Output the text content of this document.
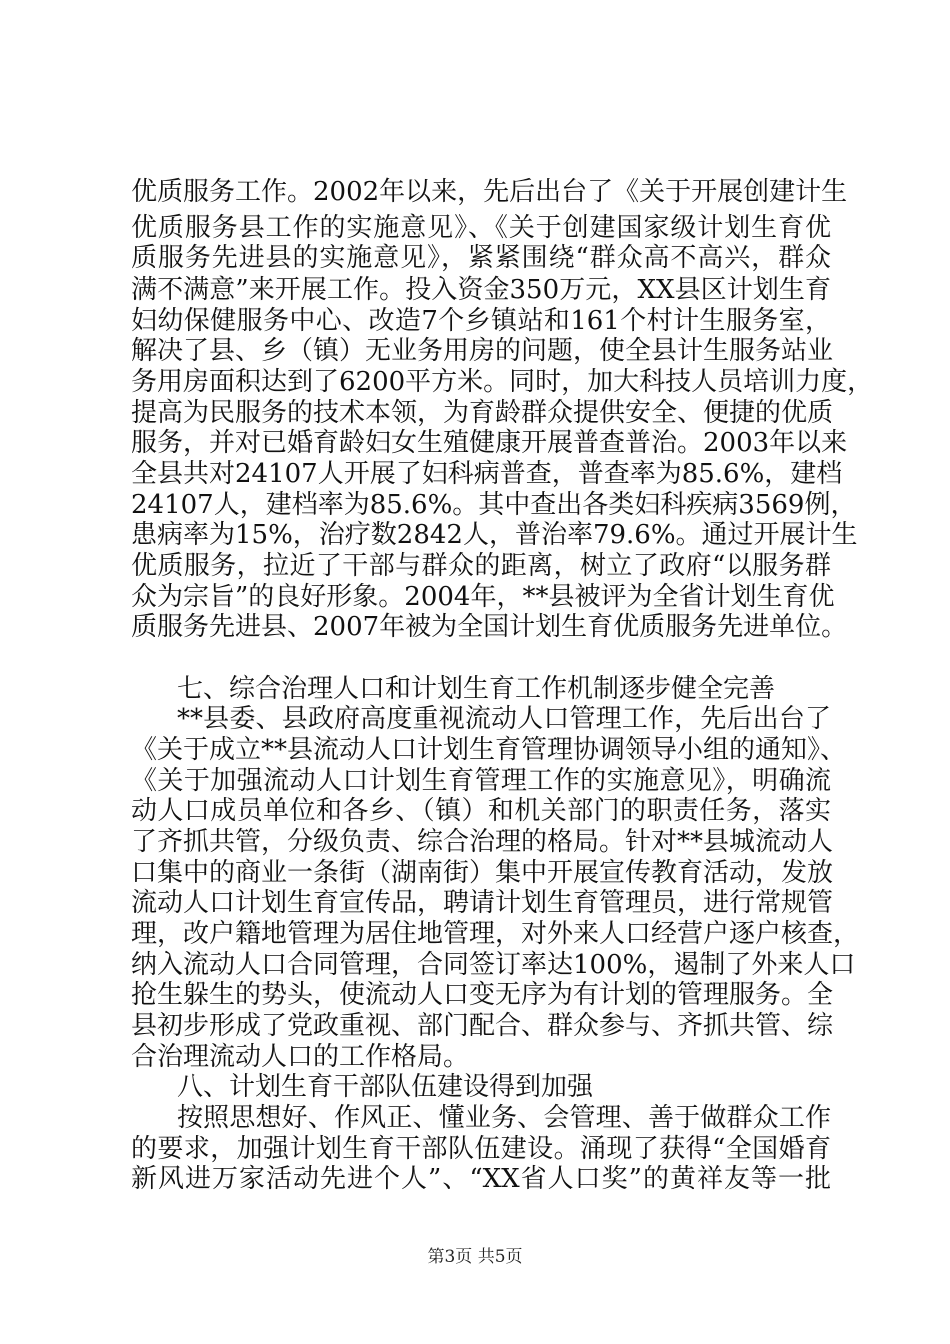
优质服务工作。2002年以来，先后出台了《关于开展创建计生
优质服务县工作的实施意见》、《关于创建国家级计划生育优
质服务先进县的实施意见》，紧紧围绕“群众高不高兴，群众
满不满意”来开展工作。投入资金350万元，XX县区计划生育
妇幼保健服务中心、改造7个乡镇站和161个村计生服务室，
解决了县、乡（镇）无业务用房的问题，使全县计生服务站业
务用房面积达到了6200平方米。同时，加大科技人员培训力度，
提高为民服务的技术本领，为育龄群众提供安全、便捷的优质
服务，并对已婚育龄妇女生殖健康开展普查普治。2003年以来
全县共对24107人开展了妇科病普查，普查率为85.6%，建档
24107人，建档率为85.6%。其中查出各类妇科疾病3569例，
患病率为15%，治疗数2842人，普治率79.6%。通过开展计生
优质服务，拉近了干部与群众的距离，树立了政府“以服务群
众为宗旨”的良好形象。2004年，**县被评为全省计划生育优
质服务先进县、2007年被为全国计划生育优质服务先进单位。
七、综合治理人口和计划生育工作机制逐步健全完善
**县委、县政府高度重视流动人口管理工作，先后出台了
《关于成立**县流动人口计划生育管理协调领导小组的通知》、
《关于加强流动人口计划生育管理工作的实施意见》，明确流
动人口成员单位和各乡、（镇）和机关部门的职责任务，落实
了齐抓共管，分级负责、综合治理的格局。针对**县城流动人
口集中的商业一条街（湖南街）集中开展宣传教育活动，发放
流动人口计划生育宣传品，聘请计划生育管理员，进行常规管
理，改户籍地管理为居住地管理，对外来人口经营户逐户核查，
纳入流动人口合同管理，合同签订率达100%，遏制了外来人口
抢生躲生的势头，使流动人口变无序为有计划的管理服务。全
县初步形成了党政重视、部门配合、群众参与、齐抓共管、综
合治理流动人口的工作格局。
八、计划生育干部队伍建设得到加强
按照思想好、作风正、懂业务、会管理、善于做群众工作
的要求，加强计划生育干部队伍建设。涌现了获得“全国婚育
新风进万家活动先进个人”、“XX省人口奖”的黄祥友等一批
第3页 共5页
